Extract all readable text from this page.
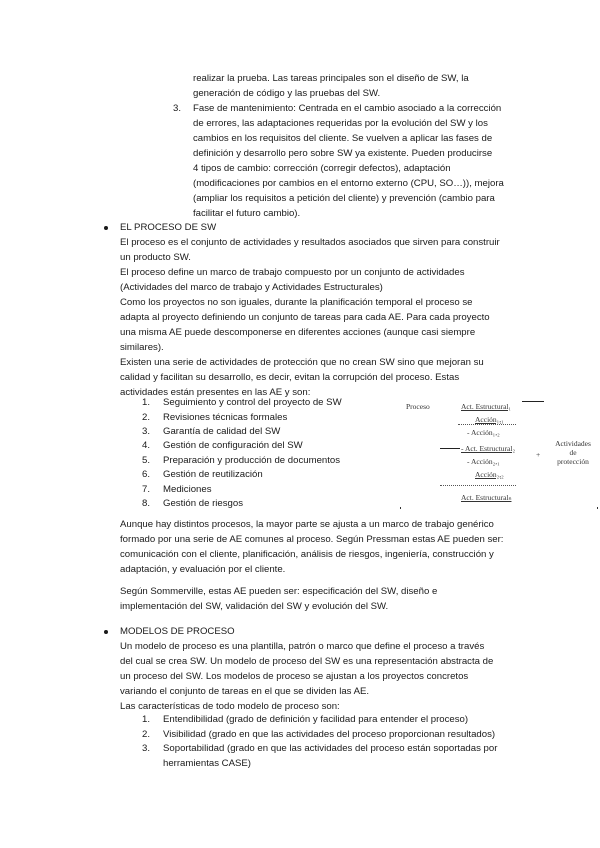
realizar la prueba. Las tareas principales son el diseño de SW, la
generación de código y las pruebas del SW.
3. Fase de mantenimiento: Centrada en el cambio asociado a la corrección
de errores, las adaptaciones requeridas por la evolución del SW y los
cambios en los requisitos del cliente. Se vuelven a aplicar las fases de
definición y desarrollo pero sobre SW ya existente. Pueden producirse
4 tipos de cambio: corrección (corregir defectos), adaptación
(modificaciones por cambios en el entorno externo (CPU, SO…)), mejora
(ampliar los requisitos a petición del cliente) y prevención (cambio para
facilitar el futuro cambio).
EL PROCESO DE SW
El proceso es el conjunto de actividades y resultados asociados que sirven para construir
un producto SW.
El proceso define un marco de trabajo compuesto por un conjunto de actividades
(Actividades del marco de trabajo y Actividades Estructurales)
Como los proyectos no son iguales, durante la planificación temporal el proceso se
adapta al proyecto definiendo un conjunto de tareas para cada AE. Para cada proyecto
una misma AE puede descomponerse en diferentes acciones (aunque casi siempre
similares).
Existen una serie de actividades de protección que no crean SW sino que mejoran su
calidad y facilitan su desarrollo, es decir, evitan la corrupción del proceso. Estas
actividades están presentes en las AE y son:
1. Seguimiento y control del proyecto de SW
2. Revisiones técnicas formales
3. Garantía de calidad del SW
4. Gestión de configuración del SW
5. Preparación y producción de documentos
6. Gestión de reutilización
7. Mediciones
8. Gestión de riesgos
Proceso	Act. Estructural₁
Acción₁,₁
- Acción₁,₂
- Act. Estructural₂
- Acción₂,₁
Acción₂,₂
Act. Estructuralₙ
+
Actividades
de
protección
Aunque hay distintos procesos, la mayor parte se ajusta a un marco de trabajo genérico
formado por una serie de AE comunes al proceso. Según Pressman estas AE pueden ser:
comunicación con el cliente, planificación, análisis de riesgos, ingeniería, construcción y
adaptación, y evaluación por el cliente.
Según Sommerville, estas AE pueden ser: especificación del SW, diseño e
implementación del SW, validación del SW y evolución del SW.
MODELOS DE PROCESO
Un modelo de proceso es una plantilla, patrón o marco que define el proceso a través
del cual se crea SW. Un modelo de proceso del SW es una representación abstracta de
un proceso del SW. Los modelos de proceso se ajustan a los proyectos concretos
variando el conjunto de tareas en el que se dividen las AE.
Las características de todo modelo de proceso son:
1. Entendibilidad (grado de definición y facilidad para entender el proceso)
2. Visibilidad (grado en que las actividades del proceso proporcionan resultados)
3. Soportabilidad (grado en que las actividades del proceso están soportadas por
herramientas CASE)
